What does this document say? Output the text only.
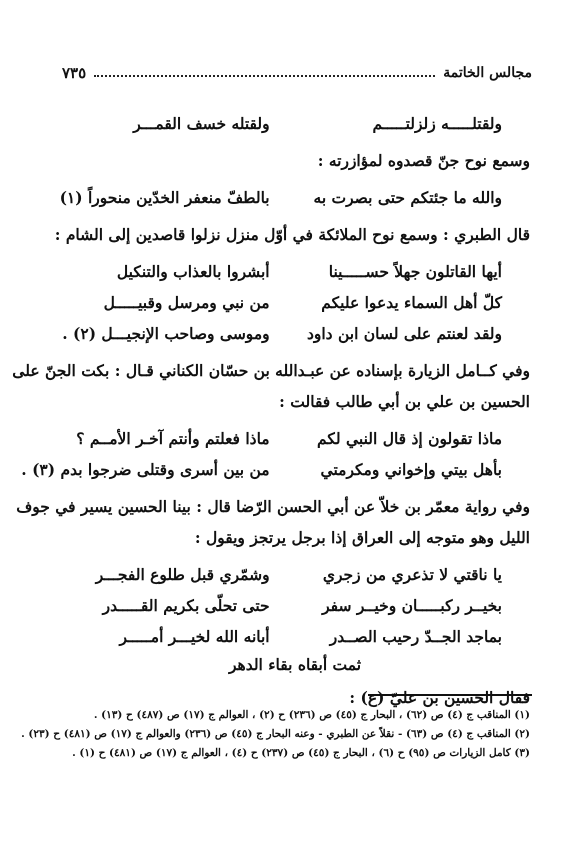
مجالس الخاتمة
٧٣٥
ولقتلـــــه زلزلتـــــم
ولقتله خسف القمـــر
وسمع نوح جنّ قصدوه لمؤازرته :
والله ما جئتكم حتى بصرت به
بالطفّ منعفر الخدّين منحوراً (١)
قال الطبري : وسمع نوح الملائكة في أوّل منزل نزلوا قاصدين إلى الشام :
أيها القاتلون جهلاً حســـــينا
أبشروا بالعذاب والتنكيل
كلّ أهل السماء يدعوا عليكم
من نبي ومرسل وقبيـــــل
ولقد لعنتم على لسان ابن داود
وموسى وصاحب الإنجيـــل (٢) .
وفي كــامل الزيارة بإسناده عن عبـدالله بن حسّان الكناني قـال : بكت الجنّ على
الحسين بن علي بن أبي طالب فقالت :
ماذا تقولون إذ قال النبي لكم
ماذا فعلتم وأنتم آخـر الأمــم ؟
بأهل بيتي وإخواني ومكرمتي
من بين أسرى وقتلى ضرجوا بدم (٣) .
وفي رواية معمّر بن خلاّ عن أبي الحسن الرّضا قال : بينا الحسين يسير في جوف
الليل وهو متوجه إلى العراق إذا برجل يرتجز ويقول :
يا ناقتي لا تذعري من زجري
وشمّري قبل طلوع الفجـــر
بخيــر ركبـــــان وخيــر سفر
حتى تحلّى بكريم القـــــدر
بماجد الجــدّ رحيب الصــدر
أبانه الله لخيـــر أمـــــر
ثمت أبقاه بقاء الدهر
فقال الحسين بن عليّ (ع) :
(١) المناقب ج (٤) ص (٦٢) ، البحار ج (٤٥) ص (٢٣٦) ح (٢) ، العوالم ج (١٧) ص (٤٨٧) ح (١٣) .
(٢) المناقب ج (٤) ص (٦٣) - نقلاً عن الطبري - وعنه البحار ج (٤٥) ص (٢٣٦) والعوالم ج (١٧) ص (٤٨١) ح (٢٣) .
(٣) كامل الزيارات ص (٩٥) ح (٦) ، البحار ج (٤٥) ص (٢٣٧) ح (٤) ، العوالم ج (١٧) ص (٤٨١) ح (١) .
